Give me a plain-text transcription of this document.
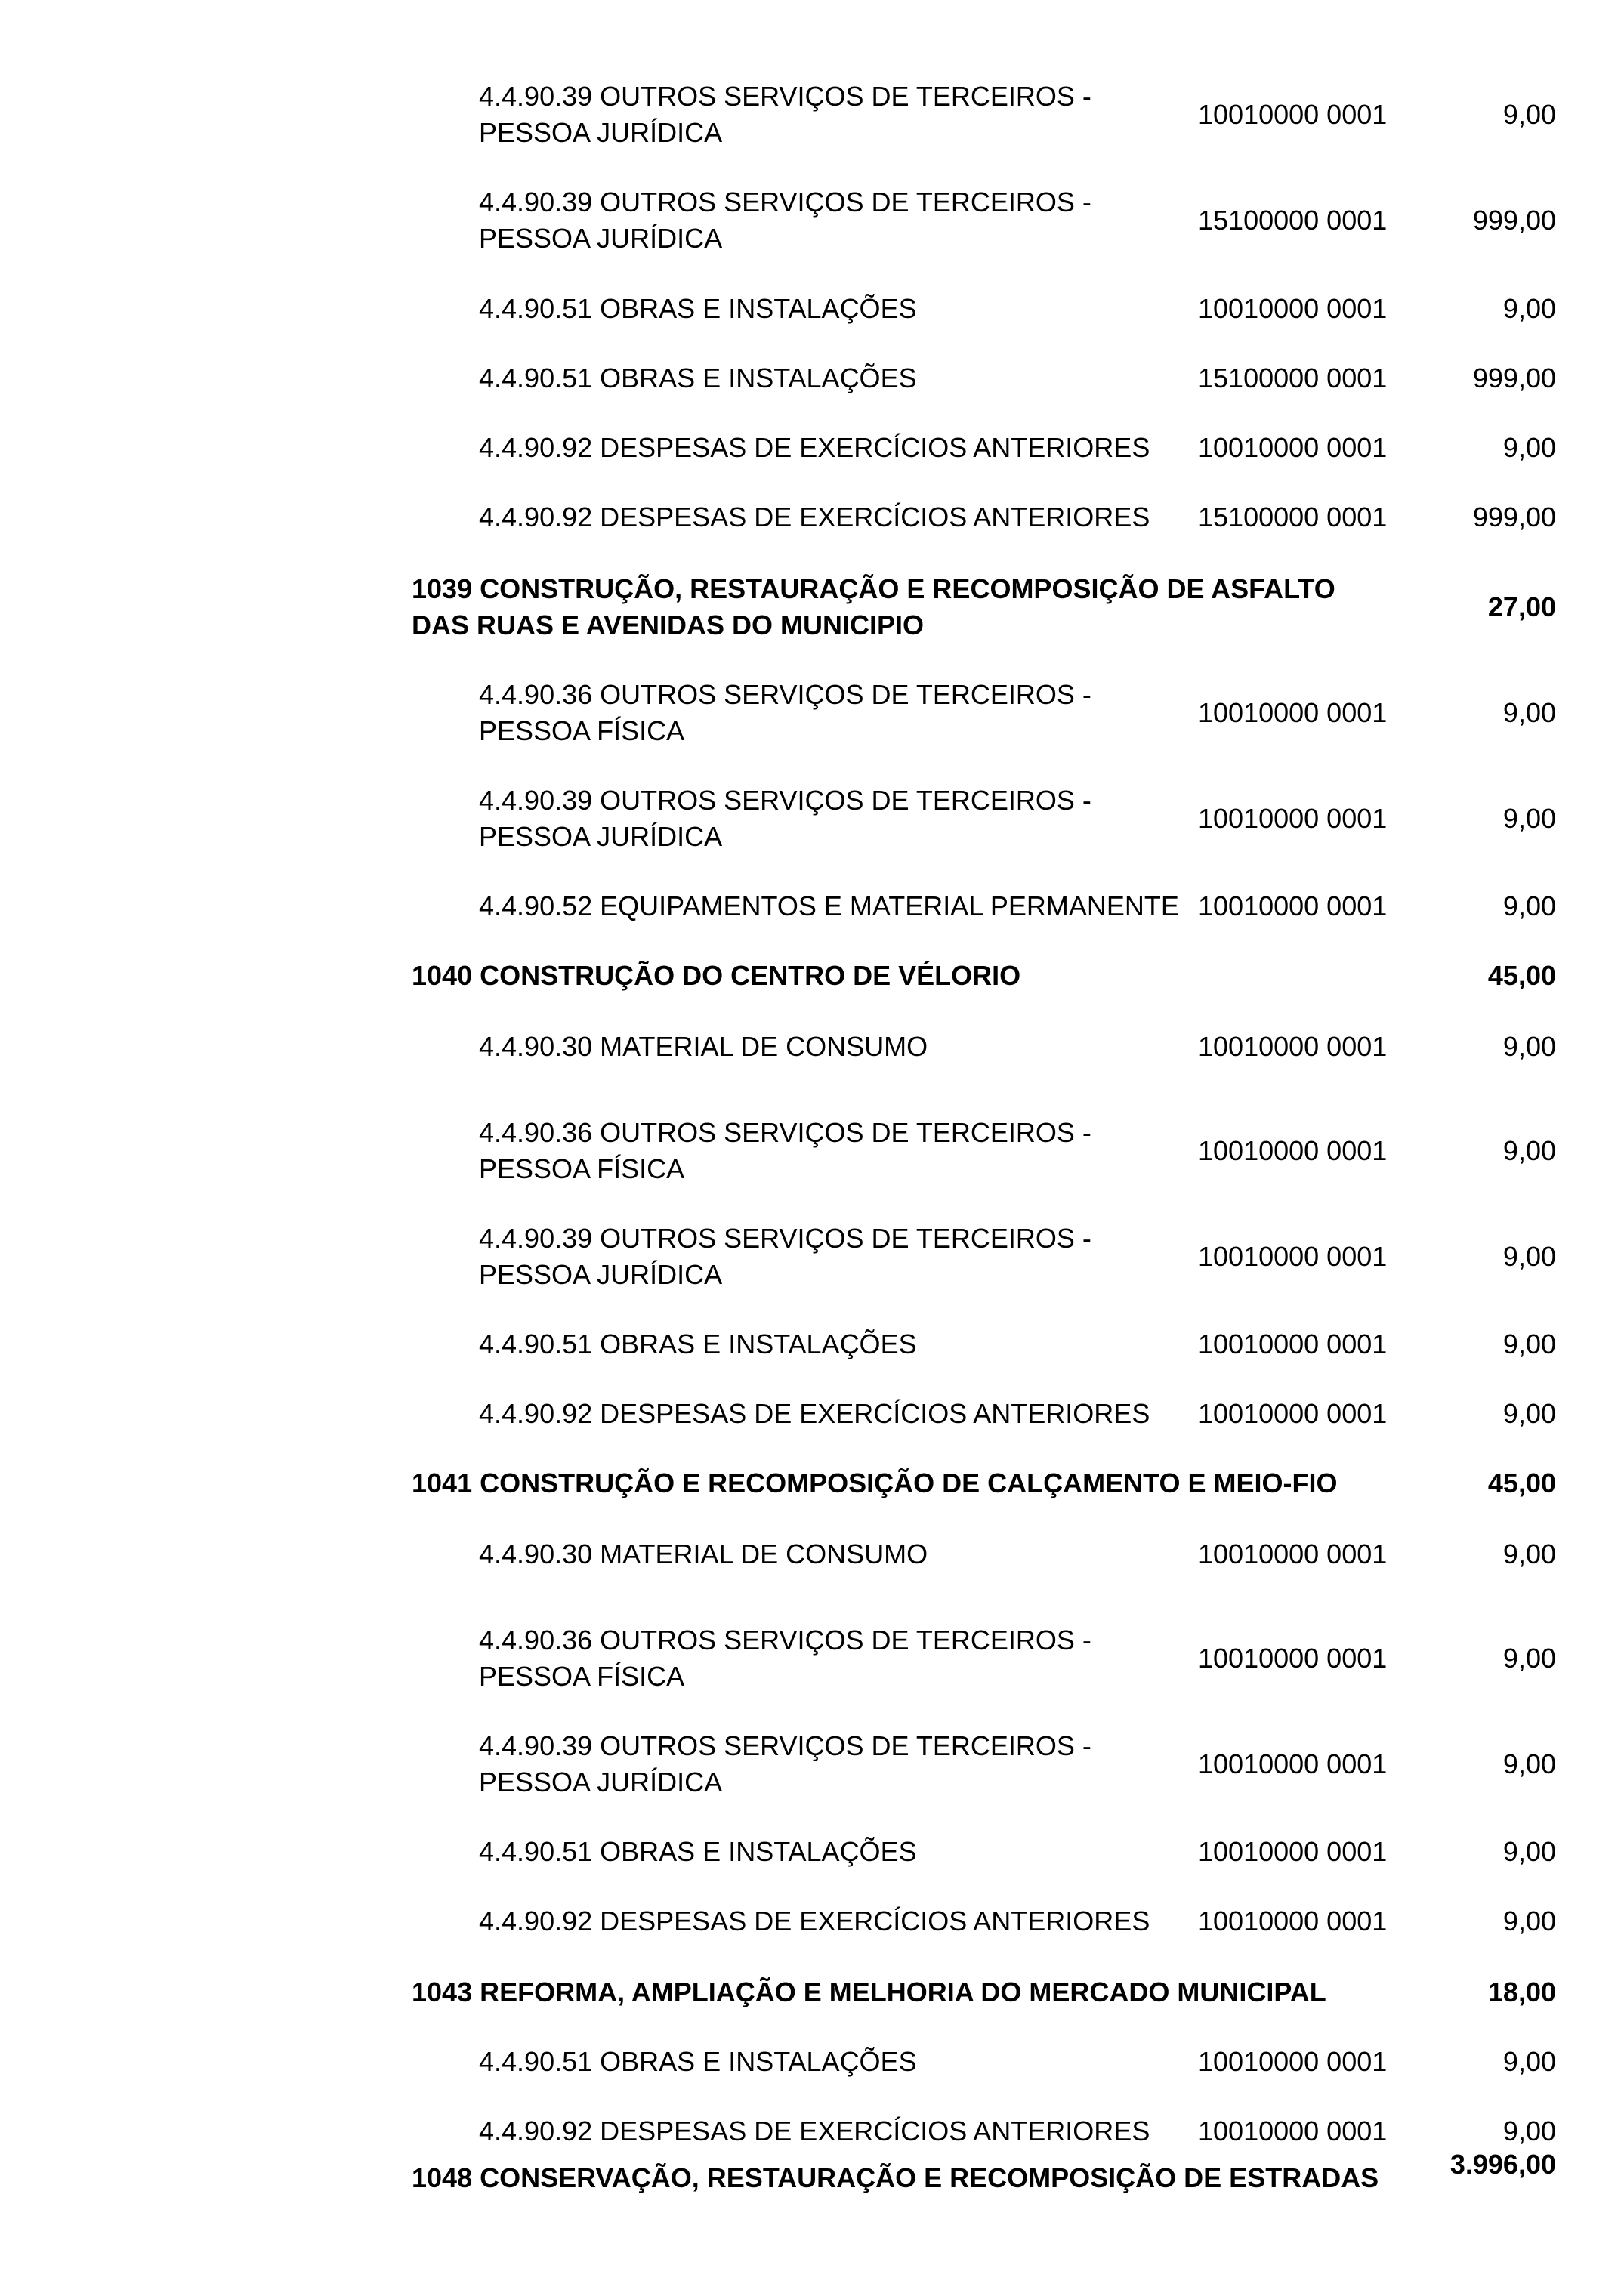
4.4.90.39 OUTROS SERVIÇOS DE TERCEIROS -
PESSOA JURÍDICA
10010000 0001	9,00
4.4.90.39 OUTROS SERVIÇOS DE TERCEIROS -
PESSOA JURÍDICA
15100000 0001	999,00
4.4.90.51 OBRAS E INSTALAÇÕES	10010000 0001	9,00
4.4.90.51 OBRAS E INSTALAÇÕES	15100000 0001	999,00
4.4.90.92 DESPESAS DE EXERCÍCIOS ANTERIORES	10010000 0001	9,00
4.4.90.92 DESPESAS DE EXERCÍCIOS ANTERIORES	15100000 0001	999,00
1039 CONSTRUÇÃO, RESTAURAÇÃO E RECOMPOSIÇÃO DE ASFALTO
DAS RUAS E AVENIDAS DO MUNICIPIO
27,00
4.4.90.36 OUTROS SERVIÇOS DE TERCEIROS -
PESSOA FÍSICA
10010000 0001	9,00
4.4.90.39 OUTROS SERVIÇOS DE TERCEIROS -
PESSOA JURÍDICA
10010000 0001	9,00
4.4.90.52 EQUIPAMENTOS E MATERIAL PERMANENTE 10010000 0001	9,00
1040 CONSTRUÇÃO DO CENTRO DE VÉLORIO	45,00
4.4.90.30 MATERIAL DE CONSUMO	10010000 0001	9,00
4.4.90.36 OUTROS SERVIÇOS DE TERCEIROS -
PESSOA FÍSICA
10010000 0001	9,00
4.4.90.39 OUTROS SERVIÇOS DE TERCEIROS -
PESSOA JURÍDICA
10010000 0001	9,00
4.4.90.51 OBRAS E INSTALAÇÕES	10010000 0001	9,00
4.4.90.92 DESPESAS DE EXERCÍCIOS ANTERIORES	10010000 0001	9,00
1041 CONSTRUÇÃO E RECOMPOSIÇÃO DE CALÇAMENTO E MEIO-FIO	45,00
4.4.90.30 MATERIAL DE CONSUMO	10010000 0001	9,00
4.4.90.36 OUTROS SERVIÇOS DE TERCEIROS -
PESSOA FÍSICA
10010000 0001	9,00
4.4.90.39 OUTROS SERVIÇOS DE TERCEIROS -
PESSOA JURÍDICA
10010000 0001	9,00
4.4.90.51 OBRAS E INSTALAÇÕES	10010000 0001	9,00
4.4.90.92 DESPESAS DE EXERCÍCIOS ANTERIORES	10010000 0001	9,00
1043 REFORMA, AMPLIAÇÃO E MELHORIA DO MERCADO MUNICIPAL	18,00
4.4.90.51 OBRAS E INSTALAÇÕES	10010000 0001	9,00
4.4.90.92 DESPESAS DE EXERCÍCIOS ANTERIORES	10010000 0001	9,00
1048 CONSERVAÇÃO, RESTAURAÇÃO E RECOMPOSIÇÃO DE ESTRADAS	3.996,00
